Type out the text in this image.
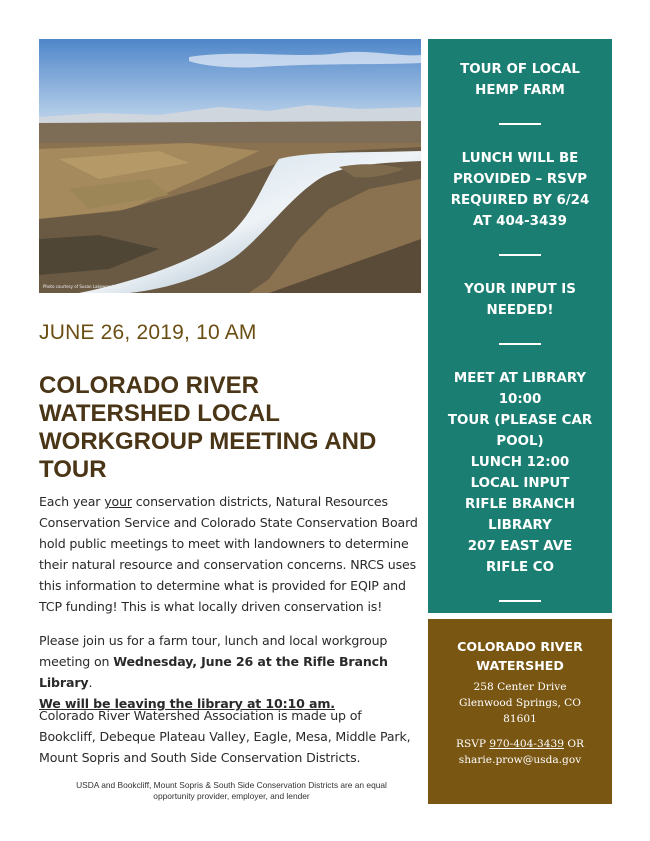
Photo courtesy of Susan Lakewood LLC
JUNE 26, 2019, 10 AM
COLORADO RIVER
WATERSHED LOCAL
WORKGROUP MEETING AND
TOUR
Each year your conservation districts, Natural Resources
Conservation Service and Colorado State Conservation Board
hold public meetings to meet with landowners to determine
their natural resource and conservation concerns. NRCS uses
this information to determine what is provided for EQIP and
TCP funding! This is what locally driven conservation is!
Please join us for a farm tour, lunch and local workgroup
meeting on Wednesday, June 26 at the Rifle Branch Library.
We will be leaving the library at 10:10 am.
Colorado River Watershed Association is made up of
Bookcliff, Debeque Plateau Valley, Eagle, Mesa, Middle Park,
Mount Sopris and South Side Conservation Districts.
USDA and Bookcliff, Mount Sopris & South Side Conservation Districts are an equal
opportunity provider, employer, and lender
TOUR OF LOCAL
HEMP FARM
LUNCH WILL BE
PROVIDED – RSVP
REQUIRED BY 6/24
AT 404-3439
YOUR INPUT IS
NEEDED!
MEET AT LIBRARY
10:00
TOUR (PLEASE CAR
POOL)
LUNCH 12:00
LOCAL INPUT
RIFLE BRANCH
LIBRARY
207 EAST AVE
RIFLE CO
COLORADO RIVER
WATERSHED
258 Center Drive
Glenwood Springs, CO
81601
RSVP 970-404-3439 OR
sharie.prow@usda.gov
